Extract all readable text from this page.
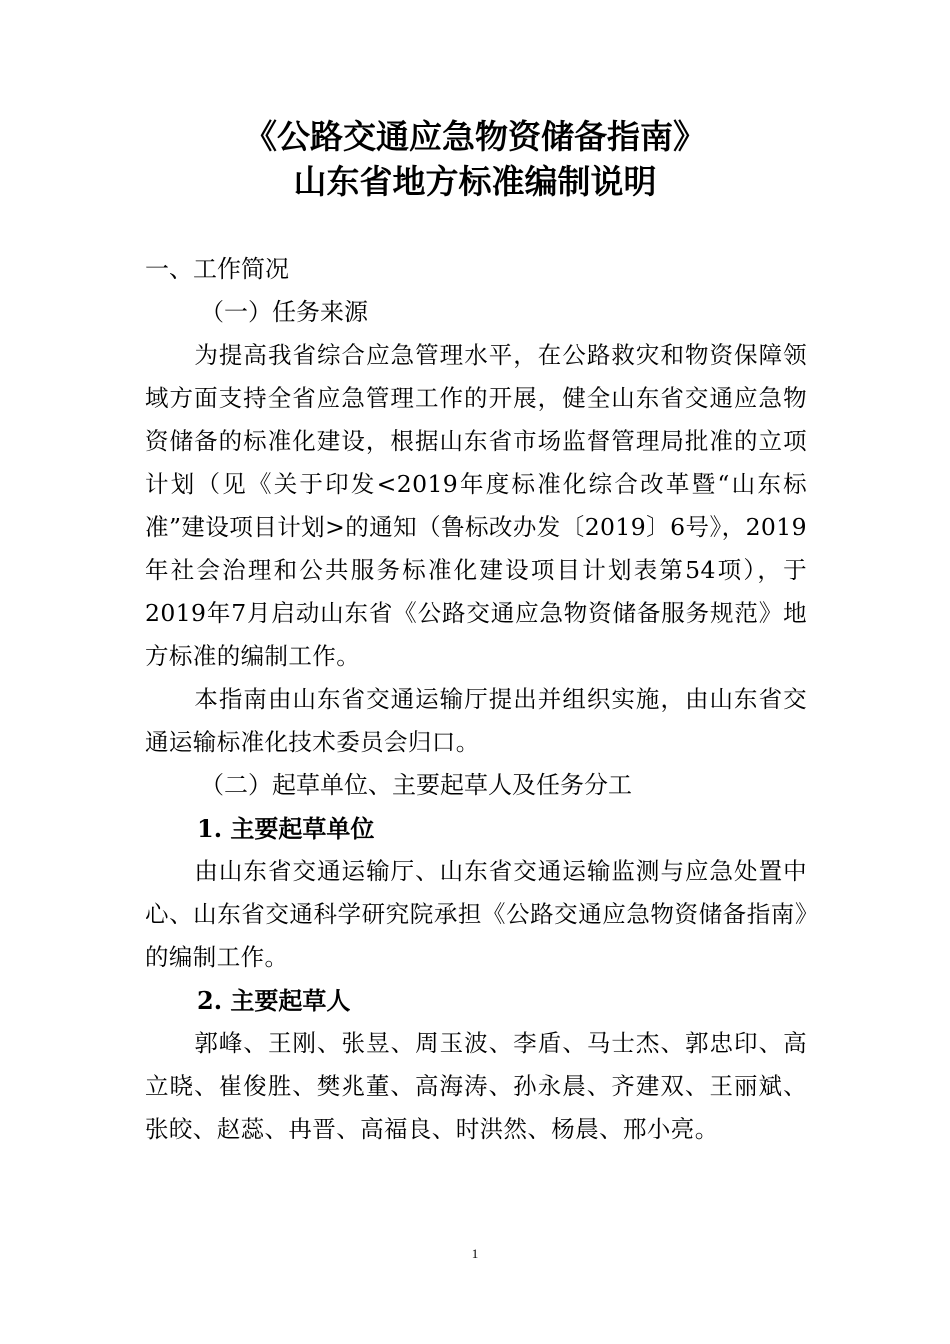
《公路交通应急物资储备指南》
山东省地方标准编制说明
一、工作简况
（一）任务来源

为提高我省综合应急管理水平，在公路救灾和物资保障领域方面支持全省应急管理工作的开展，健全山东省交通应急物资储备的标准化建设，根据山东省市场监督管理局批准的立项计划（见《关于印发<2019年度标准化综合改革暨“山东标准”建设项目计划>的通知（鲁标改办发〔2019〕6号》，2019年社会治理和公共服务标准化建设项目计划表第54项），于2019年7月启动山东省《公路交通应急物资储备服务规范》地方标准的编制工作。

本指南由山东省交通运输厅提出并组织实施，由山东省交通运输标准化技术委员会归口。

（二）起草单位、主要起草人及任务分工
1. 主要起草单位

由山东省交通运输厅、山东省交通运输监测与应急处置中心、山东省交通科学研究院承担《公路交通应急物资储备指南》的编制工作。

2. 主要起草人

郭峰、王刚、张昱、周玉波、李盾、马士杰、郭忠印、高立晓、崔俊胜、樊兆董、高海涛、孙永晨、齐建双、王丽斌、张皎、赵蕊、冉晋、高福良、时洪然、杨晨、邢小亮。

1
